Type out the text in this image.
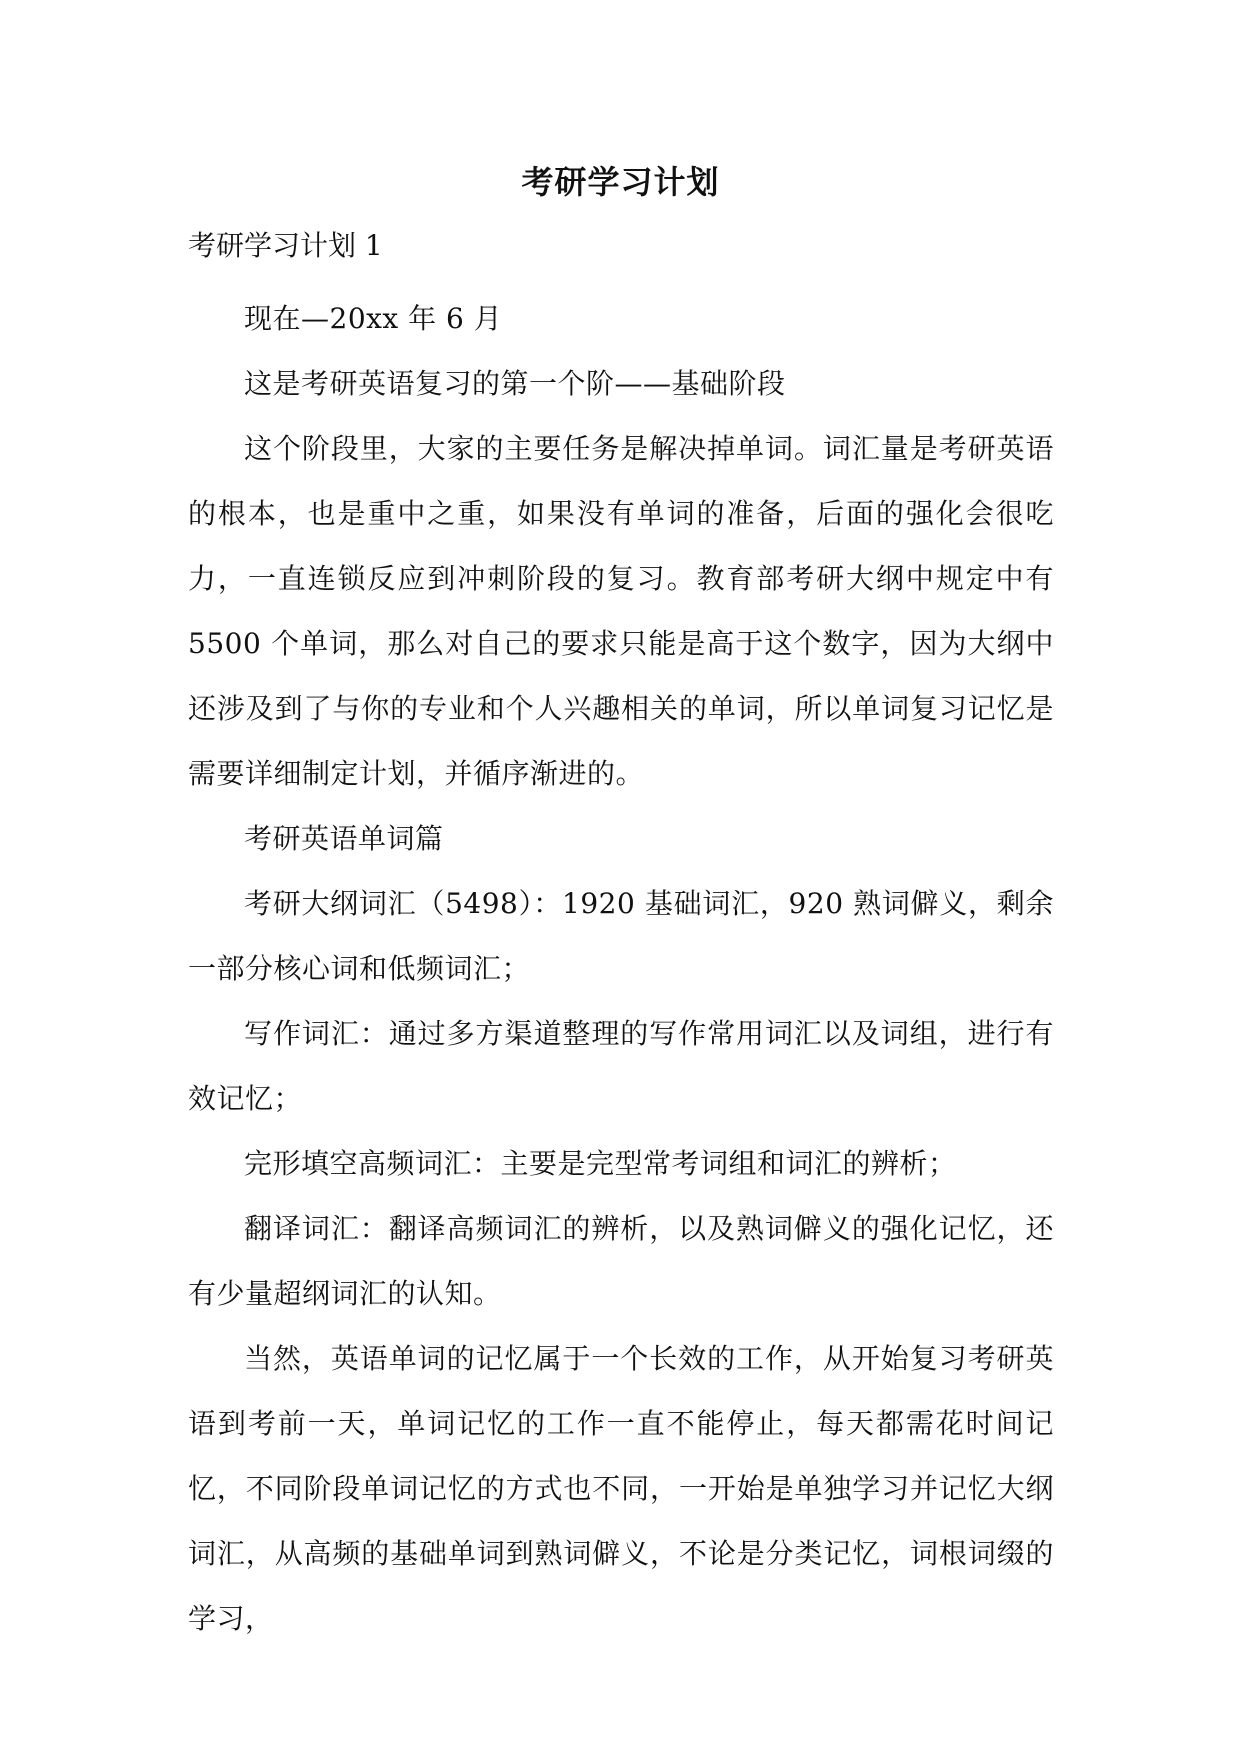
考研学习计划
考研学习计划 1

现在—20xx 年 6 月

这是考研英语复习的第一个阶——基础阶段

这个阶段里，大家的主要任务是解决掉单词。词汇量是考研英语的根本，也是重中之重，如果没有单词的准备，后面的强化会很吃力，一直连锁反应到冲刺阶段的复习。教育部考研大纲中规定中有 5500 个单词，那么对自己的要求只能是高于这个数字，因为大纲中还涉及到了与你的专业和个人兴趣相关的单词，所以单词复习记忆是需要详细制定计划，并循序渐进的。

考研英语单词篇

考研大纲词汇（5498）：1920 基础词汇，920 熟词僻义，剩余一部分核心词和低频词汇；

写作词汇：通过多方渠道整理的写作常用词汇以及词组，进行有效记忆；

完形填空高频词汇：主要是完型常考词组和词汇的辨析；

翻译词汇：翻译高频词汇的辨析，以及熟词僻义的强化记忆，还有少量超纲词汇的认知。

当然，英语单词的记忆属于一个长效的工作，从开始复习考研英语到考前一天，单词记忆的工作一直不能停止，每天都需花时间记忆，不同阶段单词记忆的方式也不同，一开始是单独学习并记忆大纲词汇，从高频的基础单词到熟词僻义，不论是分类记忆，词根词缀的学习，
